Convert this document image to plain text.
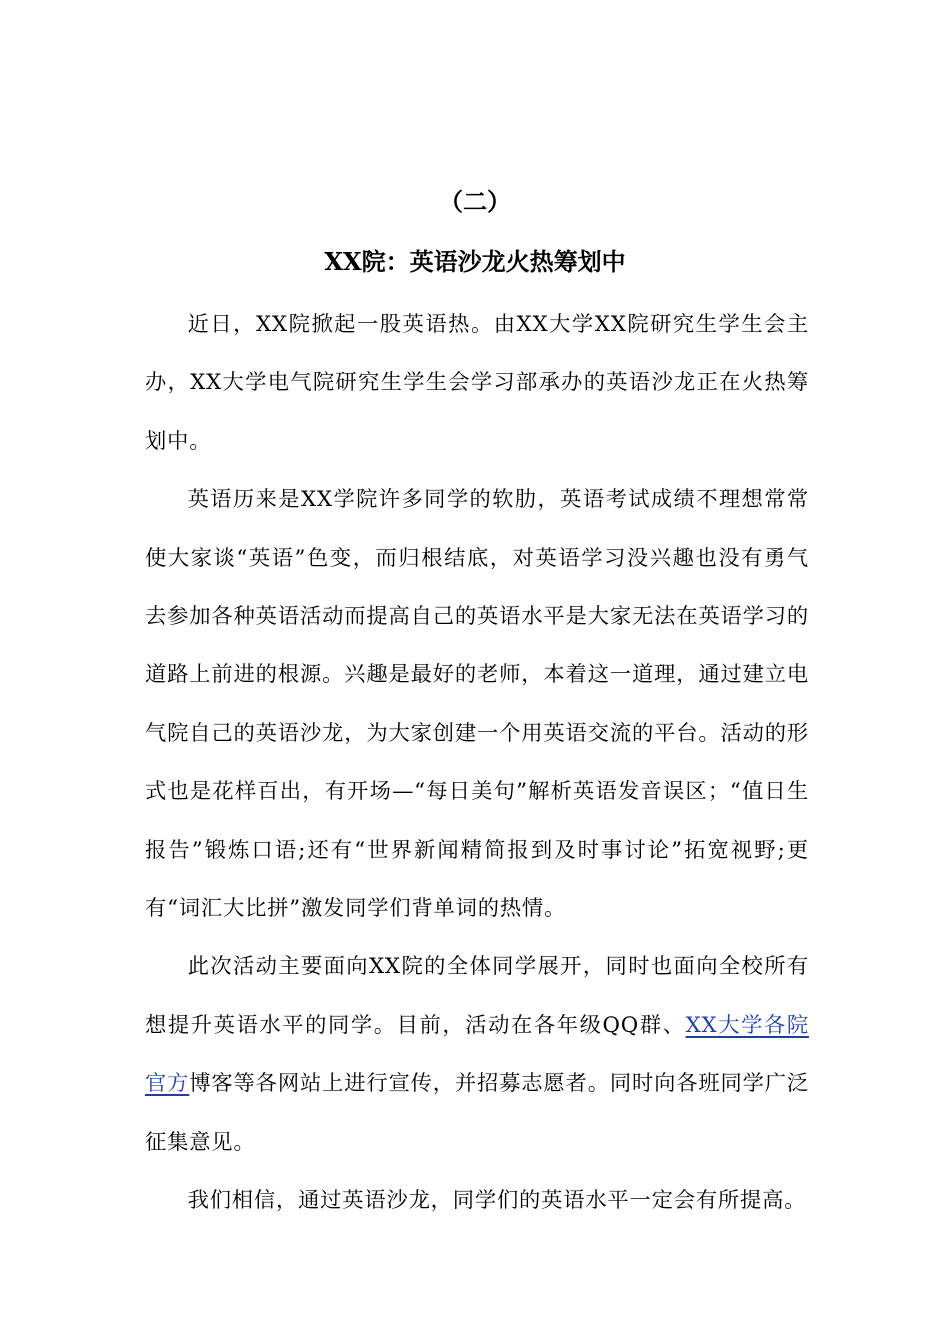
（二）
XX院：英语沙龙火热筹划中

近日，XX院掀起一股英语热。由XX大学XX院研究生学生会主办，XX大学电气院研究生学生会学习部承办的英语沙龙正在火热筹划中。

英语历来是XX学院许多同学的软肋，英语考试成绩不理想常常使大家谈“英语”色变，而归根结底，对英语学习没兴趣也没有勇气去参加各种英语活动而提高自己的英语水平是大家无法在英语学习的道路上前进的根源。兴趣是最好的老师，本着这一道理，通过建立电气院自己的英语沙龙，为大家创建一个用英语交流的平台。活动的形式也是花样百出，有开场—“每日美句”解析英语发音误区；“值日生报告”锻炼口语;还有“世界新闻精简报到及时事讨论”拓宽视野;更有“词汇大比拼”激发同学们背单词的热情。

此次活动主要面向XX院的全体同学展开，同时也面向全校所有想提升英语水平的同学。目前，活动在各年级QQ群、XX大学各院官方博客等各网站上进行宣传，并招募志愿者。同时向各班同学广泛征集意见。

我们相信，通过英语沙龙，同学们的英语水平一定会有所提高。
